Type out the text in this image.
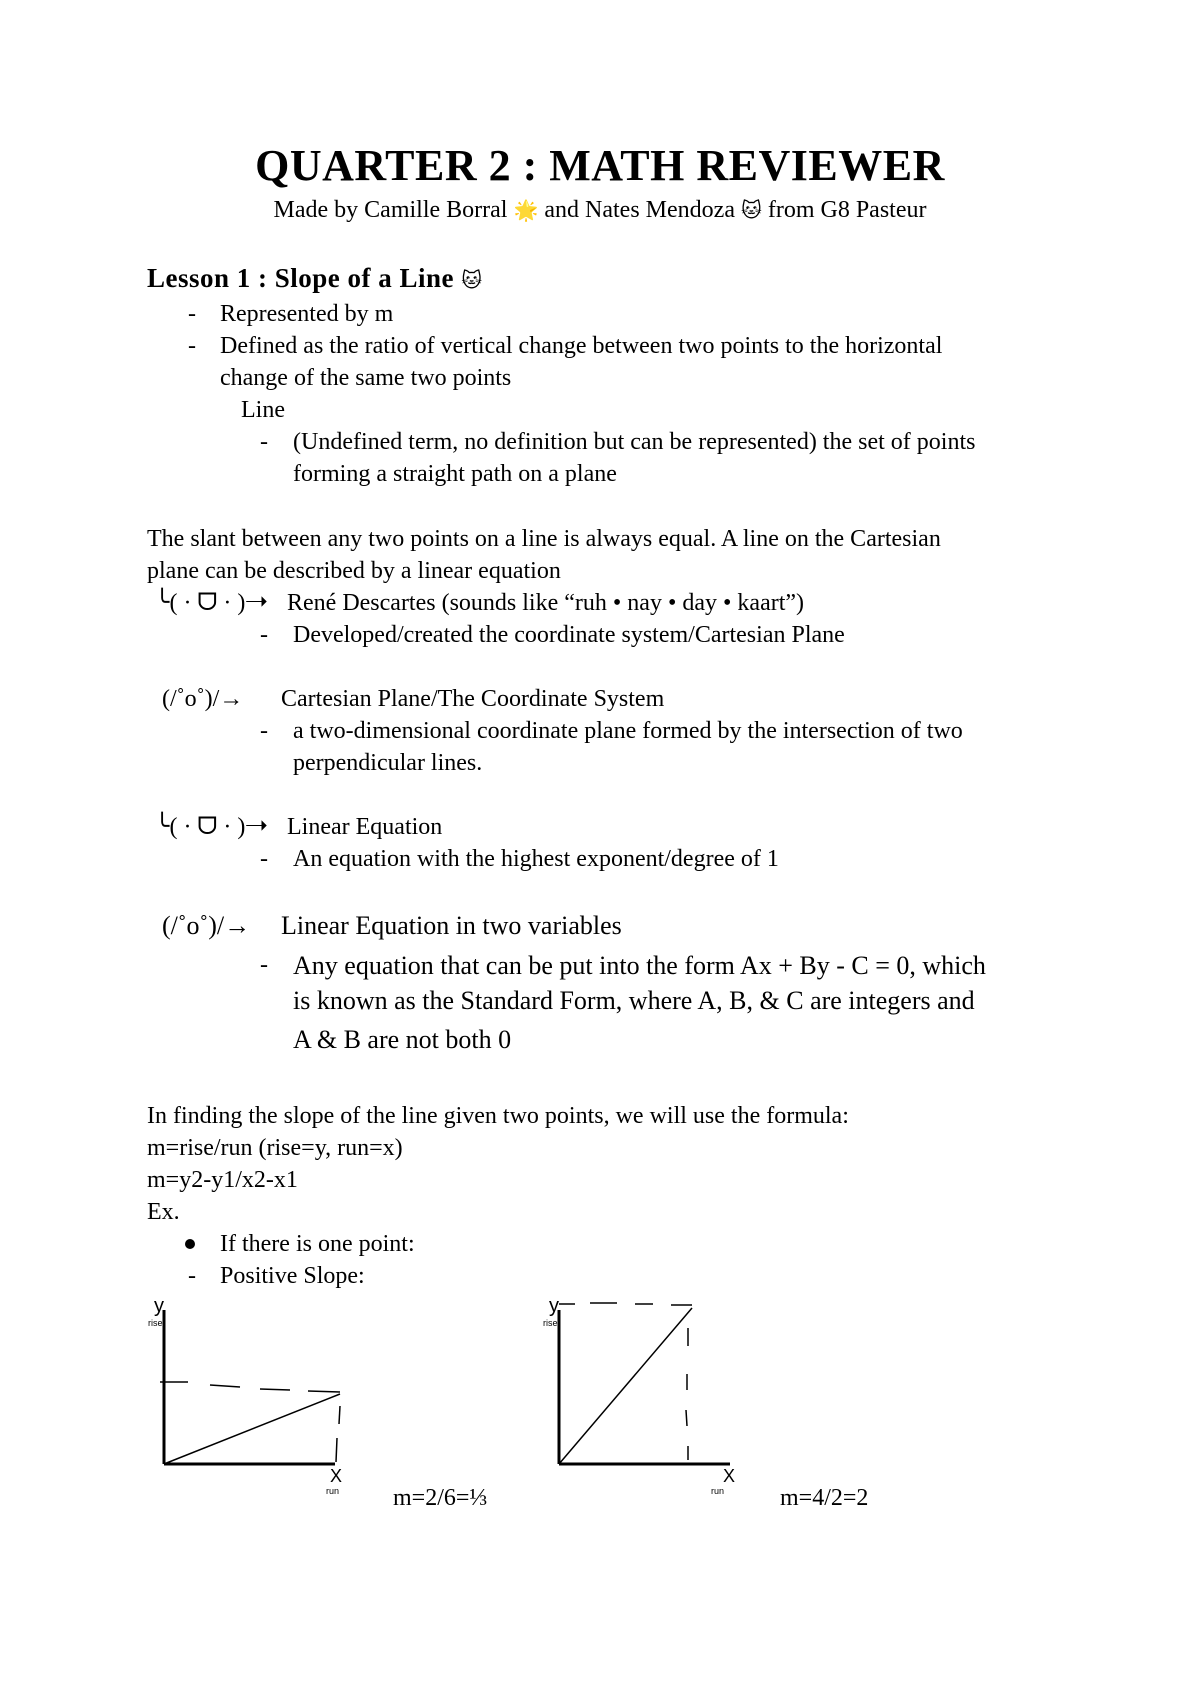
QUARTER 2 : MATH REVIEWER
Made by Camille Borral 🌟 and Nates Mendoza 🐱 from G8 Pasteur
Lesson 1 : Slope of a Line 🐱
- Represented by m
- Defined as the ratio of vertical change between two points to the horizontal
change of the same two points
Line
- (Undefined term, no definition but can be represented) the set of points
forming a straight path on a plane
The slant between any two points on a line is always equal. A line on the Cartesian
plane can be described by a linear equation
╰( · ᗜ · )➝ René Descartes (sounds like “ruh • nay • day • kaart”)
- Developed/created the coordinate system/Cartesian Plane
(/˚o˚)/→ Cartesian Plane/The Coordinate System
- a two-dimensional coordinate plane formed by the intersection of two
perpendicular lines.
╰( · ᗜ · )➝ Linear Equation
- An equation with the highest exponent/degree of 1
(/˚o˚)/→ Linear Equation in two variables
- Any equation that can be put into the form Ax + By - C = 0, which
is known as the Standard Form, where A, B, & C are integers and
A & B are not both 0
In finding the slope of the line given two points, we will use the formula:
m=rise/run (rise=y, run=x)
m=y2-y1/x2-x1
Ex.
If there is one point:
- Positive Slope:
y
rise
X
run m=2/6=⅓
y
rise
X
run m=4/2=2
